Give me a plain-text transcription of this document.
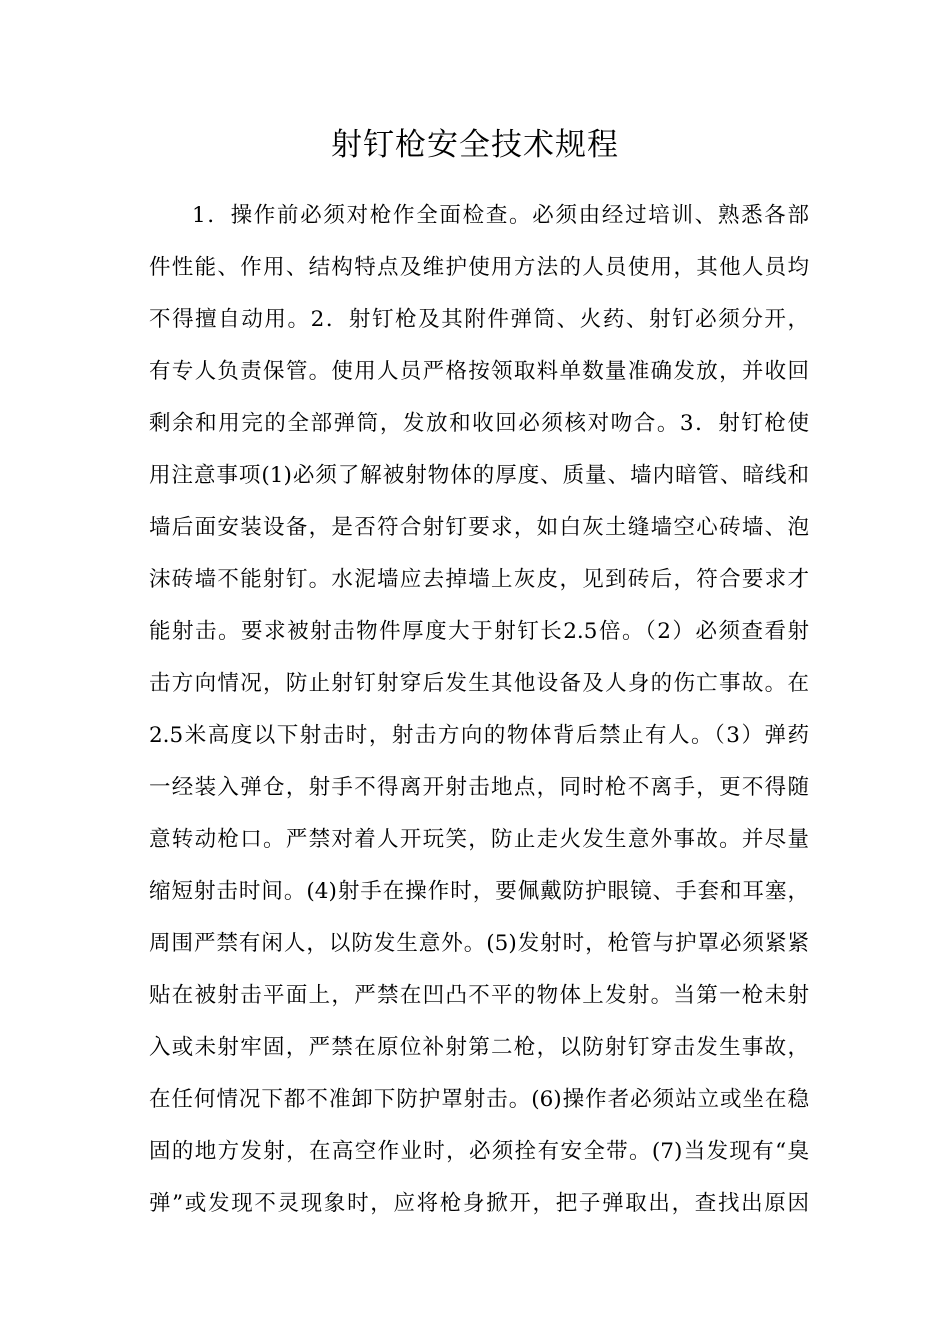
射钉枪安全技术规程
1．操作前必须对枪作全面检查。必须由经过培训、熟悉各部
件性能、作用、结构特点及维护使用方法的人员使用，其他人员均
不得擅自动用。2．射钉枪及其附件弹筒、火药、射钉必须分开，
有专人负责保管。使用人员严格按领取料单数量准确发放，并收回
剩余和用完的全部弹筒，发放和收回必须核对吻合。3．射钉枪使
用注意事项(1)必须了解被射物体的厚度、质量、墙内暗管、暗线和
墙后面安装设备，是否符合射钉要求，如白灰土缝墙空心砖墙、泡
沫砖墙不能射钉。水泥墙应去掉墙上灰皮，见到砖后，符合要求才
能射击。要求被射击物件厚度大于射钉长2.5倍。（2）必须查看射
击方向情况，防止射钉射穿后发生其他设备及人身的伤亡事故。在
2.5米高度以下射击时，射击方向的物体背后禁止有人。（3）弹药
一经装入弹仓，射手不得离开射击地点，同时枪不离手，更不得随
意转动枪口。严禁对着人开玩笑，防止走火发生意外事故。并尽量
缩短射击时间。(4)射手在操作时，要佩戴防护眼镜、手套和耳塞，
周围严禁有闲人，以防发生意外。(5)发射时，枪管与护罩必须紧紧
贴在被射击平面上，严禁在凹凸不平的物体上发射。当第一枪未射
入或未射牢固，严禁在原位补射第二枪，以防射钉穿击发生事故，
在任何情况下都不准卸下防护罩射击。(6)操作者必须站立或坐在稳
固的地方发射，在高空作业时，必须拴有安全带。(7)当发现有“臭
弹”或发现不灵现象时，应将枪身掀开，把子弹取出，查找出原因
